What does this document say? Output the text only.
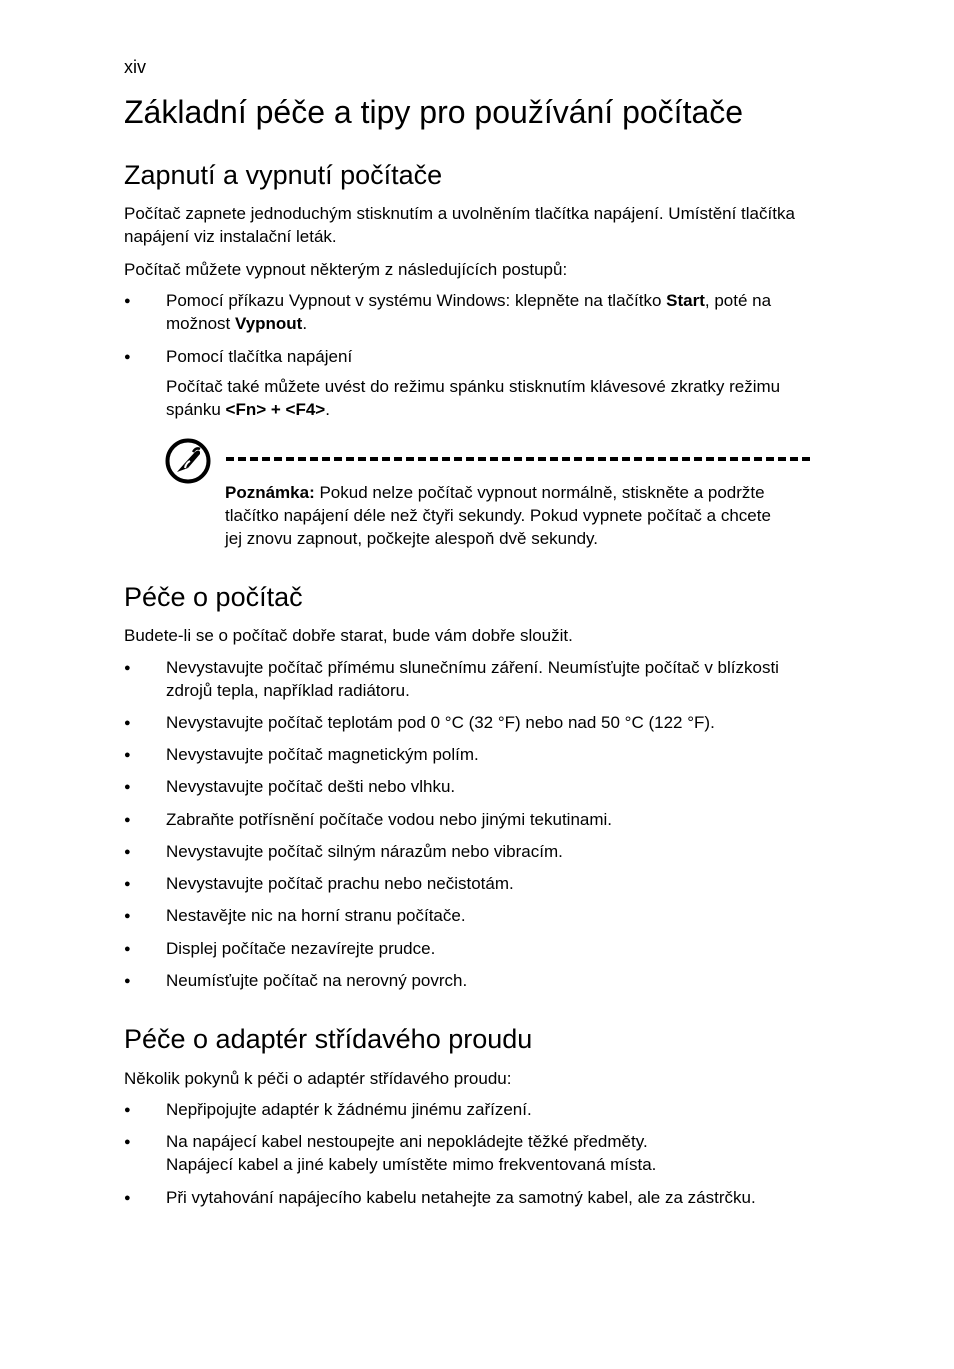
xiv
Základní péče a tipy pro používání počítače
Zapnutí a vypnutí počítače
Počítač zapnete jednoduchým stisknutím a uvolněním tlačítka napájení. Umístění tlačítka napájení viz instalační leták.
Počítač můžete vypnout některým z následujících postupů:
●
Pomocí příkazu Vypnout v systému Windows: klepněte na tlačítko Start, poté na možnost Vypnout.
●
Pomocí tlačítka napájení
Počítač také můžete uvést do režimu spánku stisknutím klávesové zkratky režimu spánku <Fn> + <F4>.
Poznámka: Pokud nelze počítač vypnout normálně, stiskněte a podržte tlačítko napájení déle než čtyři sekundy. Pokud vypnete počítač a chcete jej znovu zapnout, počkejte alespoň dvě sekundy.
Péče o počítač
Budete-li se o počítač dobře starat, bude vám dobře sloužit.
●
Nevystavujte počítač přímému slunečnímu záření. Neumísťujte počítač v blízkosti zdrojů tepla, například radiátoru.
●
Nevystavujte počítač teplotám pod 0 °C (32 °F) nebo nad 50 °C (122 °F).
●
Nevystavujte počítač magnetickým polím.
●
Nevystavujte počítač dešti nebo vlhku.
●
Zabraňte potřísnění počítače vodou nebo jinými tekutinami.
●
Nevystavujte počítač silným nárazům nebo vibracím.
●
Nevystavujte počítač prachu nebo nečistotám.
●
Nestavějte nic na horní stranu počítače.
●
Displej počítače nezavírejte prudce.
●
Neumísťujte počítač na nerovný povrch.
Péče o adaptér střídavého proudu
Několik pokynů k péči o adaptér střídavého proudu:
●
Nepřipojujte adaptér k žádnému jinému zařízení.
●
Na napájecí kabel nestoupejte ani nepokládejte těžké předměty.
Napájecí kabel a jiné kabely umístěte mimo frekventovaná místa.
●
Při vytahování napájecího kabelu netahejte za samotný kabel, ale za zástrčku.
